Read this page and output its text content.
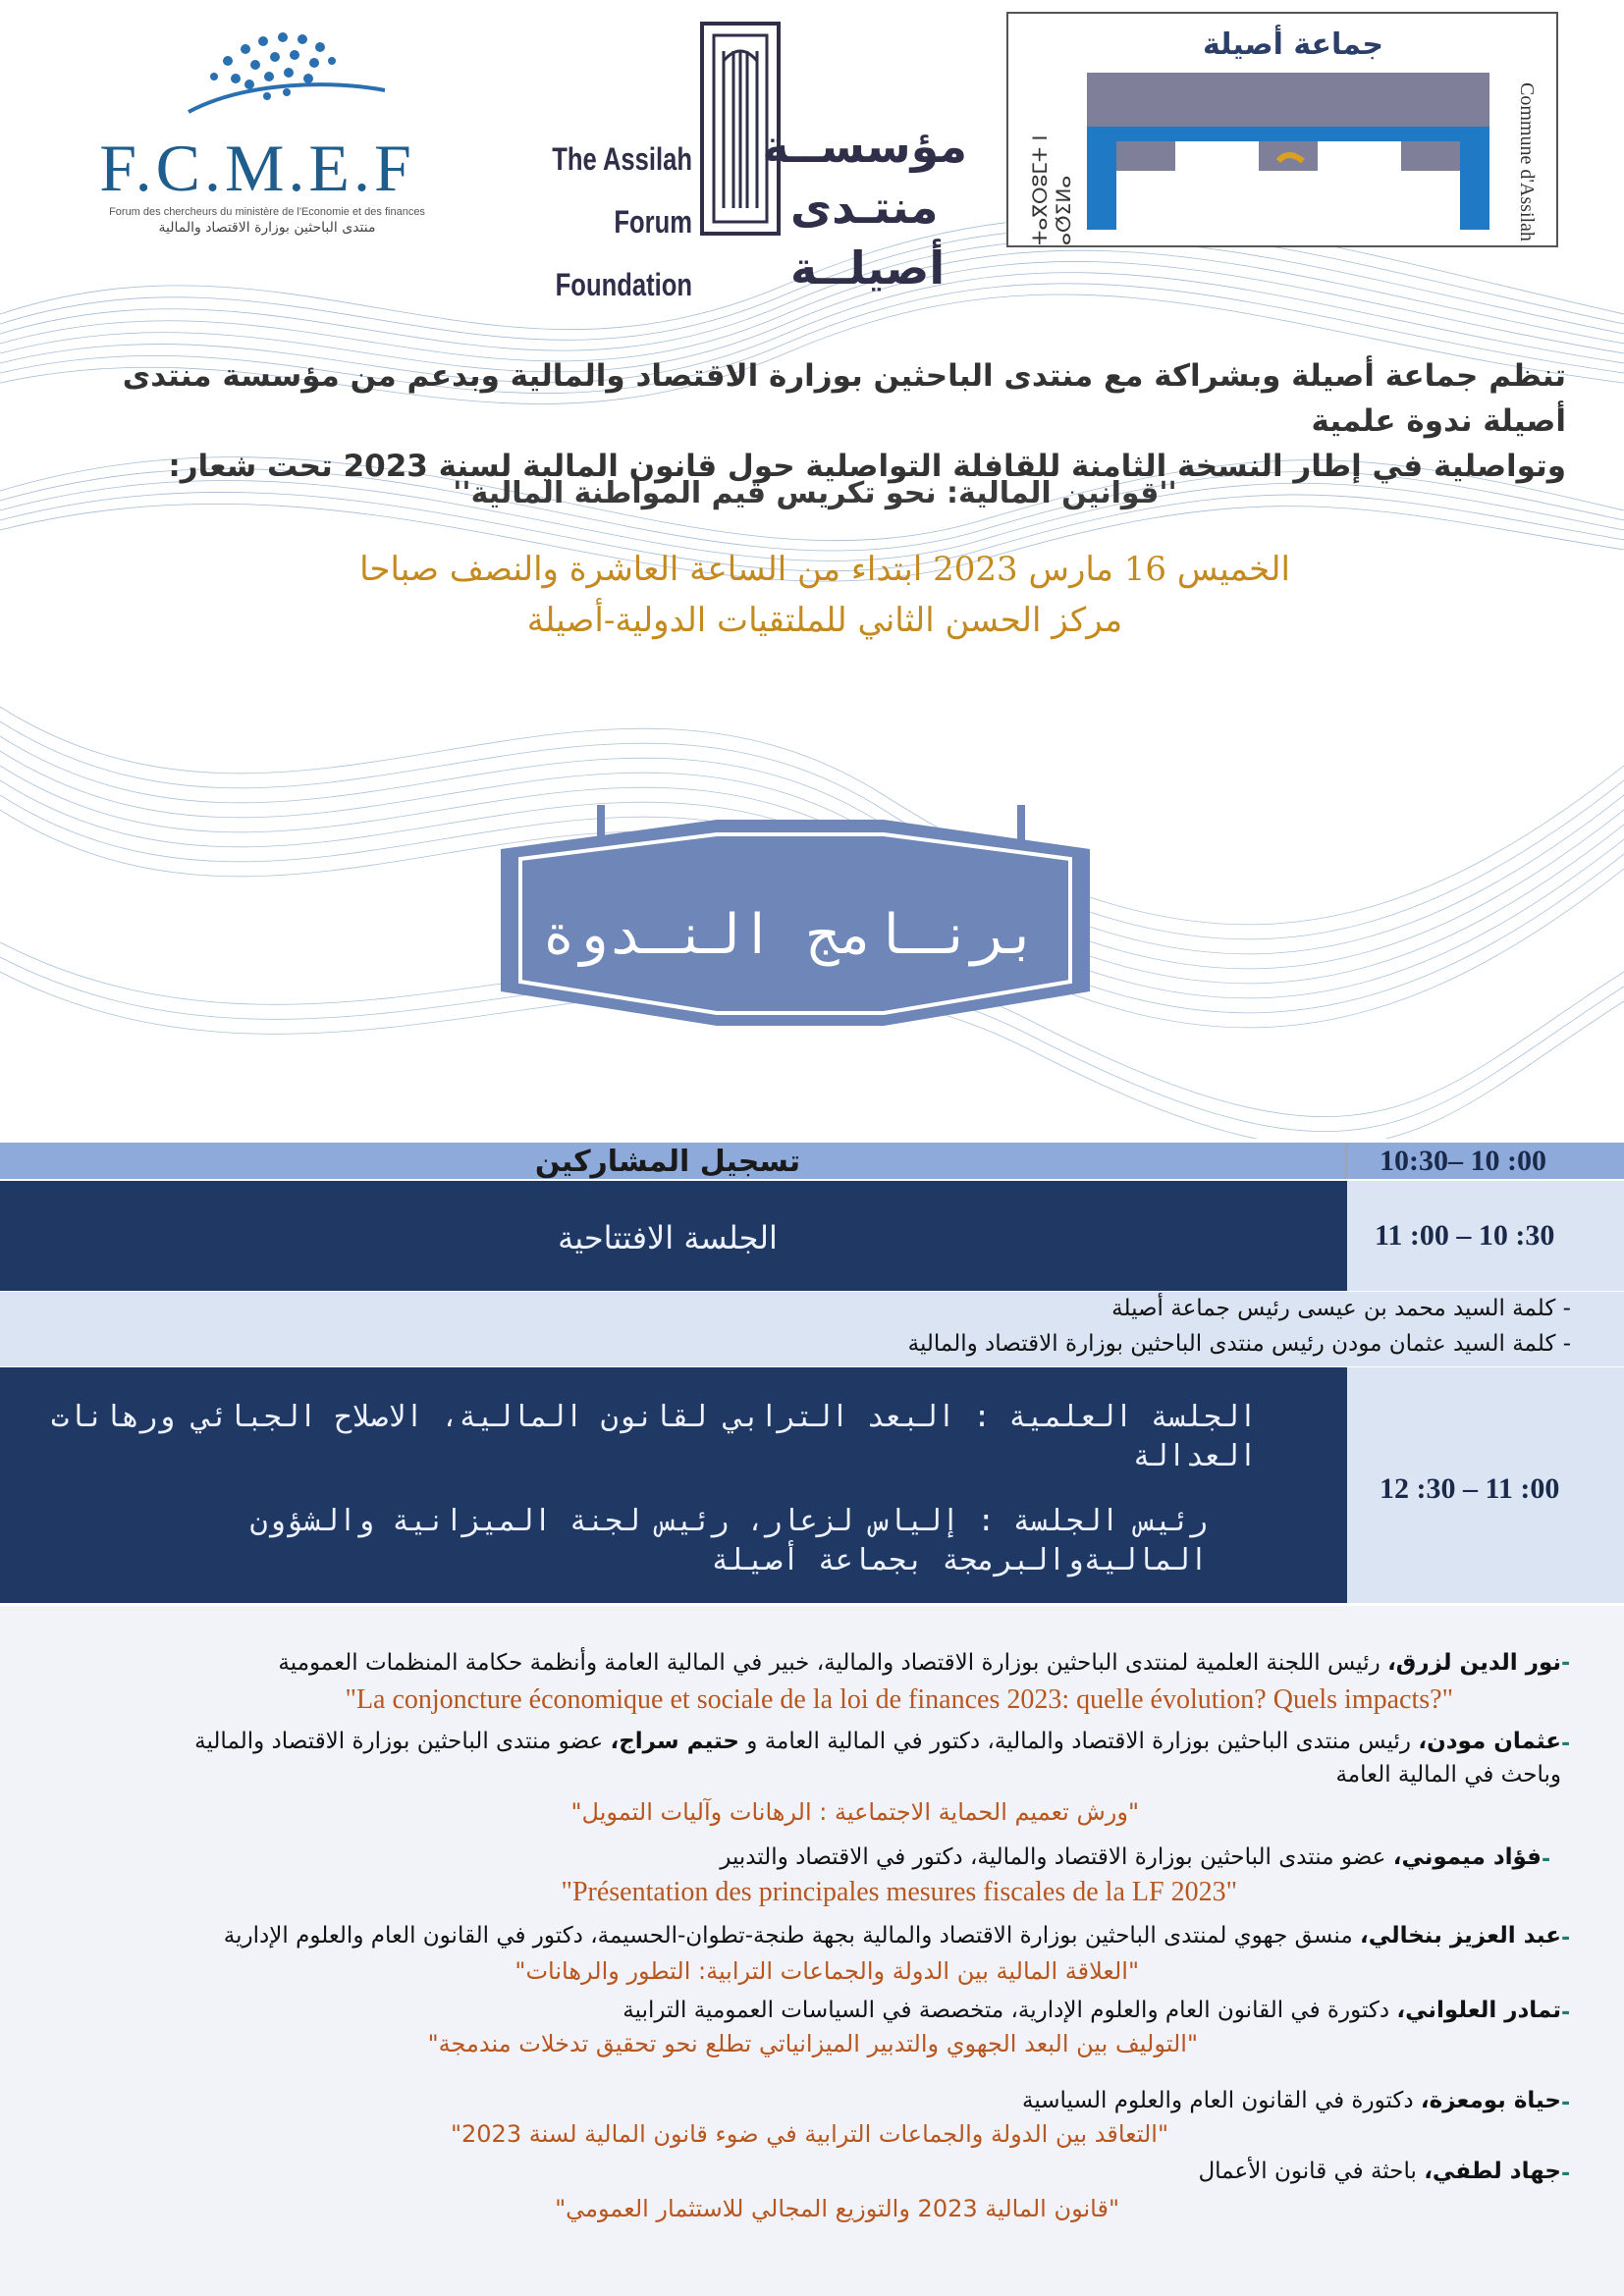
F.C.M.E.F
Forum des chercheurs du ministère de l'Economie et des finances
منتدى الباحثين بوزارة الاقتصاد والمالية
The Assilah
Forum Foundation
مؤسســة
منتـدى أصيلــة
جماعة أصيلة
Commune d'Assilah
ⵜⴰⴳⵔⵓⵎⵜ ⵏ ⴰⵚⵉⵍⴰ
تنظم جماعة أصيلة وبشراكة مع منتدى الباحثين بوزارة الاقتصاد والمالية وبدعم من مؤسسة منتدى أصيلة ندوة علمية
وتواصلية في إطار النسخة الثامنة للقافلة التواصلية حول قانون المالية لسنة 2023 تحت شعار:
''قوانين المالية: نحو تكريس قيم المواطنة المالية''
الخميس 16 مارس 2023 ابتداء من الساعة العاشرة والنصف صباحا
مركز الحسن الثاني للملتقيات الدولية-أصيلة
برنـامج النـدوة
تسجيل المشاركين	10:30– 10 :00
11 :00 – 10 :30
الجلسة الافتتاحية
- كلمة السيد محمد بن عيسى رئيس جماعة أصيلة
- كلمة السيد عثمان مودن رئيس منتدى الباحثين بوزارة الاقتصاد والمالية
12 :30 – 11 :00
الجلسة العلمية : البعد الترابي لقانون المالية، الاصلاح الجبائي ورهانات العدالة
رئيس الجلسة : إلياس لزعار، رئيس لجنة الميزانية والشؤون الماليةوالبرمجة بجماعة أصيلة
-
نور الدين لزرق، رئيس اللجنة العلمية لمنتدى الباحثين بوزارة الاقتصاد والمالية، خبير في المالية العامة وأنظمة حكامة المنظمات العمومية
"La conjoncture économique et sociale de la loi de finances 2023: quelle évolution? Quels impacts?"
-
عثمان مودن، رئيس منتدى الباحثين بوزارة الاقتصاد والمالية، دكتور في المالية العامة و حتيم سراج، عضو منتدى الباحثين بوزارة الاقتصاد والمالية
وباحث في المالية العامة
"ورش تعميم الحماية الاجتماعية : الرهانات وآليات التمويل"
-
فؤاد ميموني، عضو منتدى الباحثين بوزارة الاقتصاد والمالية، دكتور في الاقتصاد والتدبير
"Présentation des principales mesures fiscales de la LF 2023"
-
عبد العزيز بنخالي، منسق جهوي لمنتدى الباحثين بوزارة الاقتصاد والمالية بجهة طنجة-تطوان-الحسيمة، دكتور في القانون العام والعلوم الإدارية
"العلاقة المالية بين الدولة والجماعات الترابية: التطور والرهانات"
-
تمادر العلواني، دكتورة في القانون العام والعلوم الإدارية، متخصصة في السياسات العمومية الترابية
"التوليف بين البعد الجهوي والتدبير الميزانياتي تطلع نحو تحقيق تدخلات مندمجة"
-
حياة بومعزة، دكتورة في القانون العام والعلوم السياسية
"التعاقد بين الدولة والجماعات الترابية في ضوء قانون المالية لسنة 2023"
-
جهاد لطفي، باحثة في قانون الأعمال
"قانون المالية 2023 والتوزيع المجالي للاستثمار العمومي"
